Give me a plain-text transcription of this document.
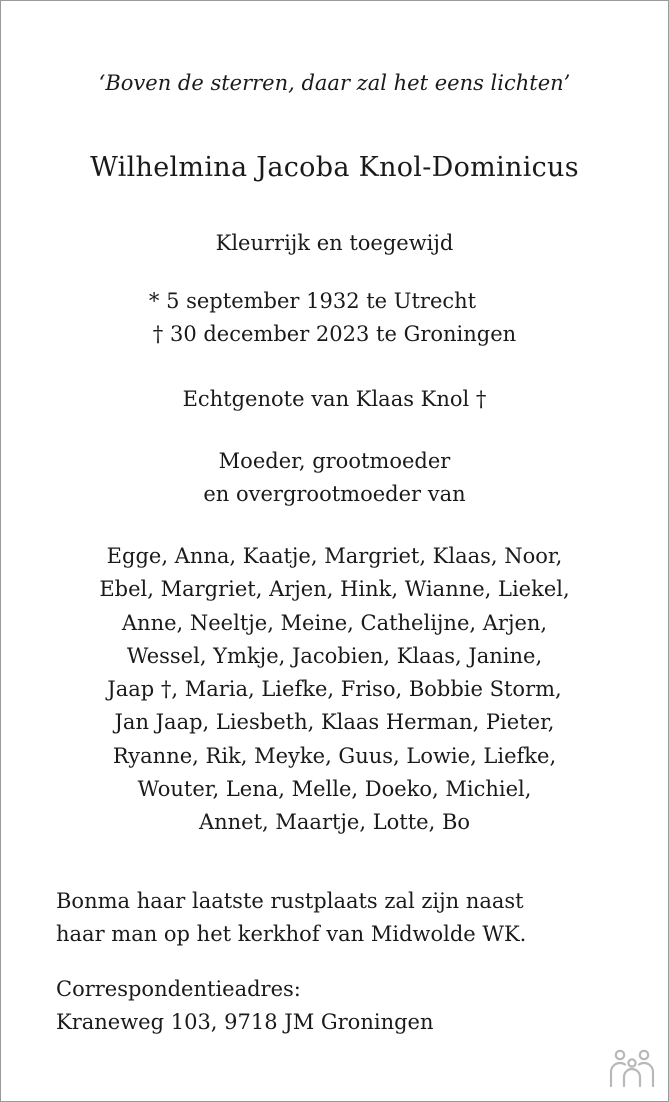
‘Boven de sterren, daar zal het eens lichten’

Wilhelmina Jacoba Knol-Dominicus

Kleurrijk en toegewijd

* 5 september 1932 te Utrecht
† 30 december 2023 te Groningen

Echtgenote van Klaas Knol †

Moeder, grootmoeder
en overgrootmoeder van

Egge, Anna, Kaatje, Margriet, Klaas, Noor,
Ebel, Margriet, Arjen, Hink, Wianne, Liekel,
Anne, Neeltje, Meine, Cathelijne, Arjen,
Wessel, Ymkje, Jacobien, Klaas, Janine,
Jaap †, Maria, Liefke, Friso, Bobbie Storm,
Jan Jaap, Liesbeth, Klaas Herman, Pieter,
Ryanne, Rik, Meyke, Guus, Lowie, Liefke,
Wouter, Lena, Melle, Doeko, Michiel,
Annet, Maartje, Lotte, Bo

Bonma haar laatste rustplaats zal zijn naast
haar man op het kerkhof van Midwolde WK.

Correspondentieadres:
Kraneweg 103, 9718 JM Groningen
